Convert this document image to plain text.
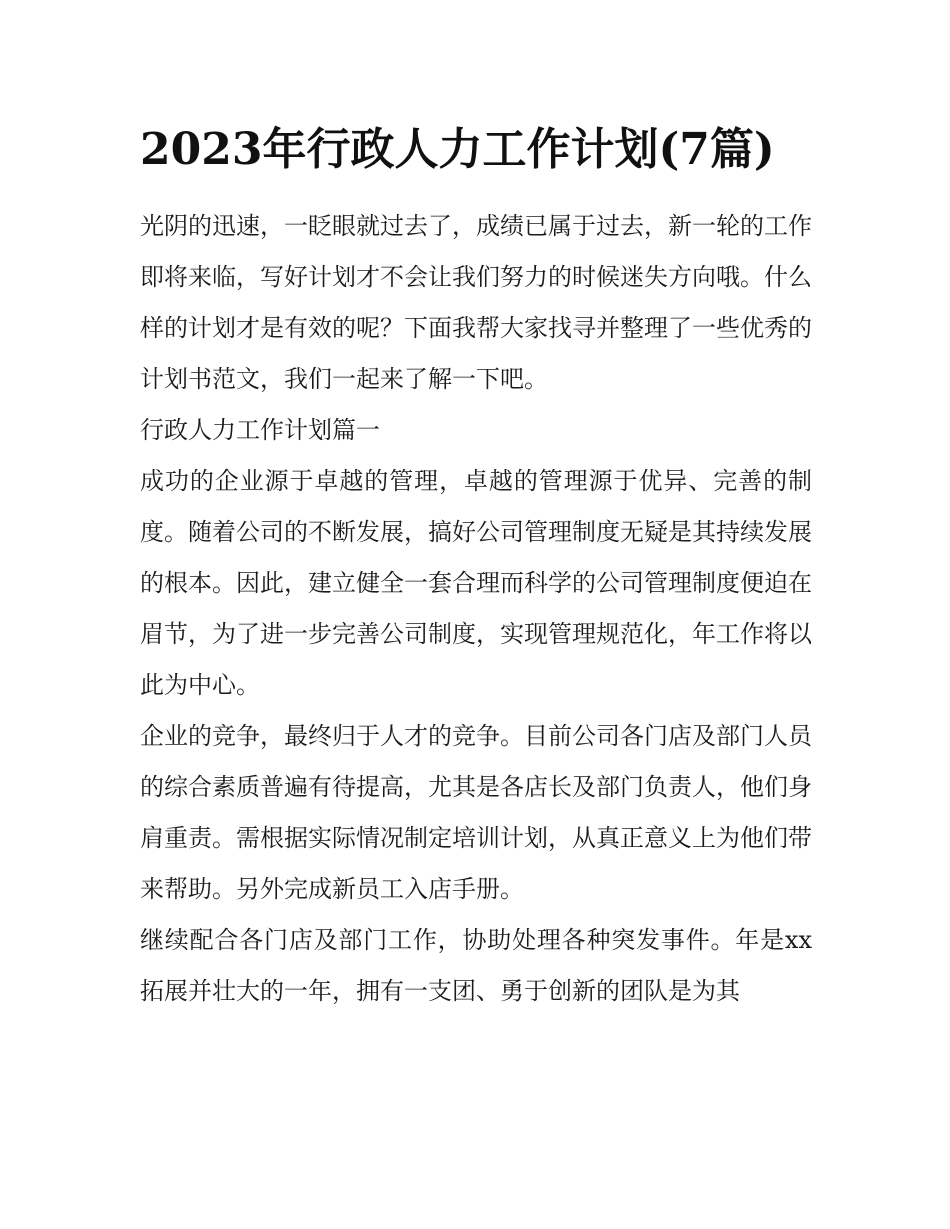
2023年行政人力工作计划(7篇)

光阴的迅速，一眨眼就过去了，成绩已属于过去，新一轮的工作即将来临，写好计划才不会让我们努力的时候迷失方向哦。什么样的计划才是有效的呢？下面我帮大家找寻并整理了一些优秀的计划书范文，我们一起来了解一下吧。

行政人力工作计划篇一

成功的企业源于卓越的管理，卓越的管理源于优异、完善的制度。随着公司的不断发展，搞好公司管理制度无疑是其持续发展的根本。因此，建立健全一套合理而科学的公司管理制度便迫在眉节，为了进一步完善公司制度，实现管理规范化，年工作将以此为中心。

企业的竞争，最终归于人才的竞争。目前公司各门店及部门人员的综合素质普遍有待提高，尤其是各店长及部门负责人，他们身肩重责。需根据实际情况制定培训计划，从真正意义上为他们带来帮助。另外完成新员工入店手册。

继续配合各门店及部门工作，协助处理各种突发事件。年是xx拓展并壮大的一年，拥有一支团、勇于创新的团队是为其
